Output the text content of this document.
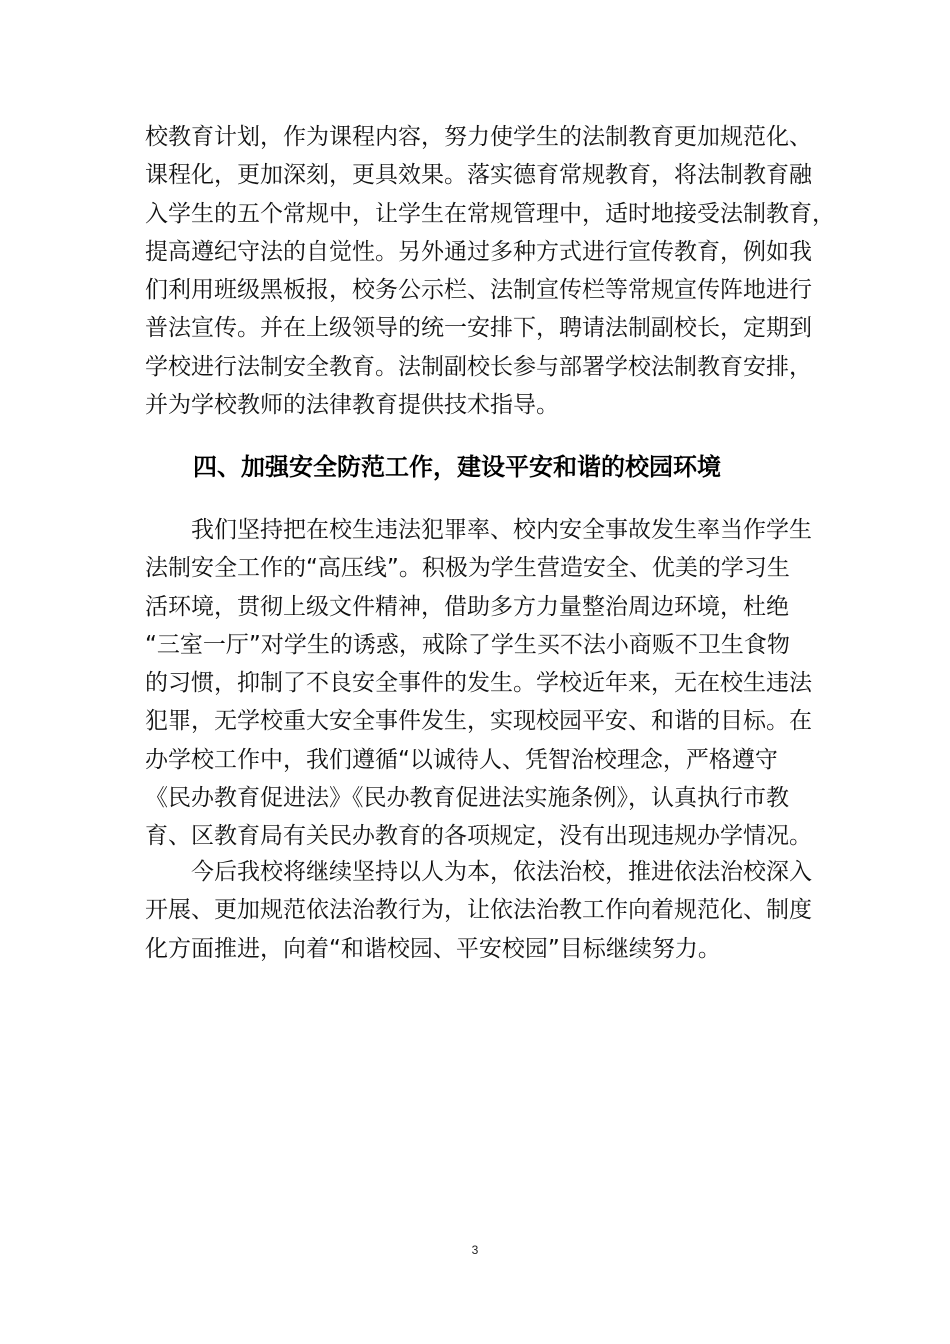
校教育计划，作为课程内容，努力使学生的法制教育更加规范化、
课程化，更加深刻，更具效果。落实德育常规教育，将法制教育融
入学生的五个常规中，让学生在常规管理中，适时地接受法制教育，
提高遵纪守法的自觉性。另外通过多种方式进行宣传教育，例如我
们利用班级黑板报，校务公示栏、法制宣传栏等常规宣传阵地进行
普法宣传。并在上级领导的统一安排下，聘请法制副校长，定期到
学校进行法制安全教育。法制副校长参与部署学校法制教育安排，
并为学校教师的法律教育提供技术指导。
四、加强安全防范工作，建设平安和谐的校园环境
　　我们坚持把在校生违法犯罪率、校内安全事故发生率当作学生
法制安全工作的“高压线”。积极为学生营造安全、优美的学习生
活环境，贯彻上级文件精神，借助多方力量整治周边环境，杜绝
“三室一厅”对学生的诱惑，戒除了学生买不法小商贩不卫生食物
的习惯，抑制了不良安全事件的发生。学校近年来，无在校生违法
犯罪，无学校重大安全事件发生，实现校园平安、和谐的目标。在
办学校工作中，我们遵循“以诚待人、凭智治校理念，严格遵守
《民办教育促进法》《民办教育促进法实施条例》，认真执行市教
育、区教育局有关民办教育的各项规定，没有出现违规办学情况。
　　今后我校将继续坚持以人为本，依法治校，推进依法治校深入
开展、更加规范依法治教行为，让依法治教工作向着规范化、制度
化方面推进，向着“和谐校园、平安校园”目标继续努力。
3
